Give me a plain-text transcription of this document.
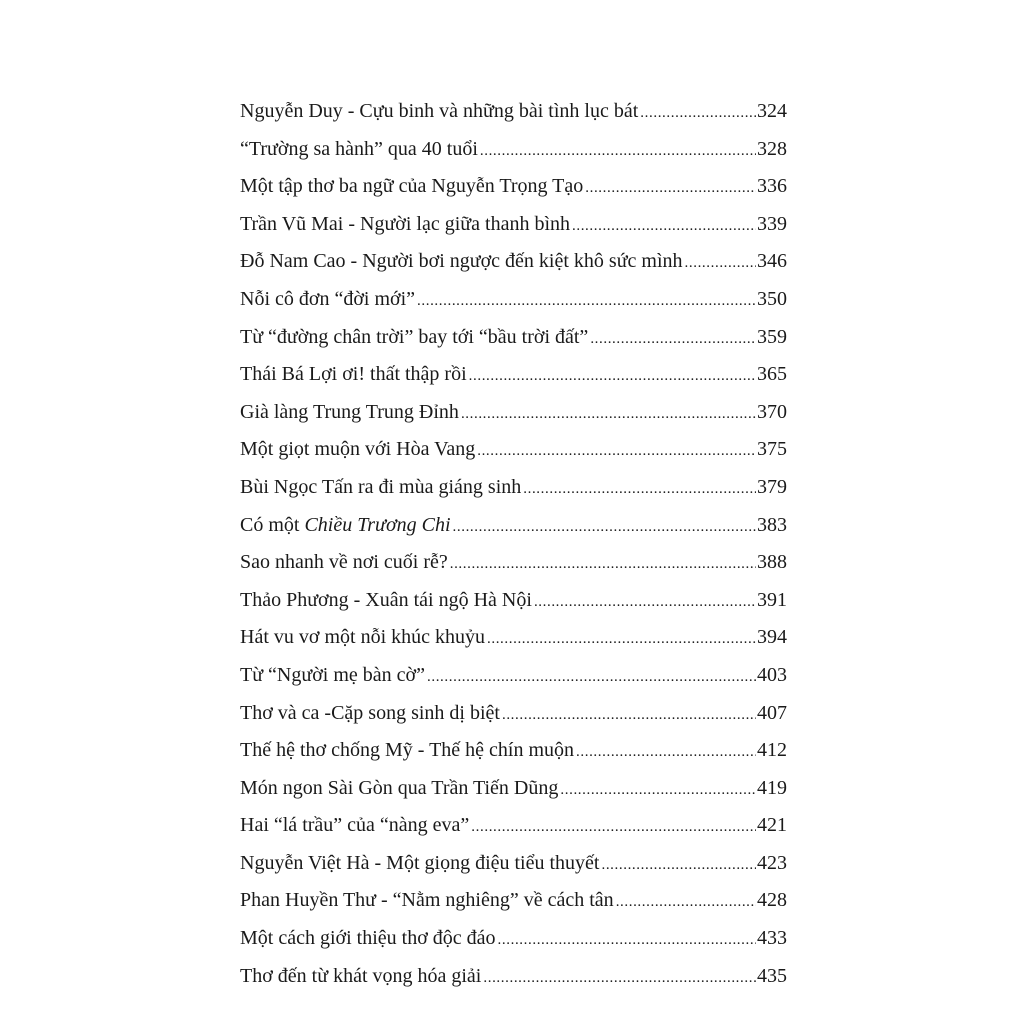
Nguyễn Duy - Cựu binh và những bài tình lục bát .....	324
“Trường sa hành” qua 40 tuổi .....	328
Một tập thơ ba ngữ của Nguyễn Trọng Tạo .....	336
Trần Vũ Mai - Người lạc giữa thanh bình .....	339
Đỗ Nam Cao - Người bơi ngược đến kiệt khô sức mình .....	346
Nỗi cô đơn “đời mới” .....	350
Từ “đường chân trời” bay tới “bầu trời đất” .....	359
Thái Bá Lợi ơi! thất thập rồi .....	365
Già làng Trung Trung Đỉnh .....	370
Một giọt muộn với Hòa Vang .....	375
Bùi Ngọc Tấn ra đi mùa giáng sinh .....	379
Có một Chiều Trương Chi .....	383
Sao nhanh về nơi cuối rễ? .....	388
Thảo Phương - Xuân tái ngộ Hà Nội .....	391
Hát vu vơ một nỗi khúc khuỷu .....	394
Từ “Người mẹ bàn cờ” .....	403
Thơ và ca -Cặp song sinh dị biệt .....	407
Thế hệ thơ chống Mỹ - Thế hệ chín muộn .....	412
Món ngon Sài Gòn qua Trần Tiến Dũng .....	419
Hai “lá trầu” của “nàng eva” .....	421
Nguyễn Việt Hà - Một giọng điệu tiểu thuyết .....	423
Phan Huyền Thư - “Nằm nghiêng” về cách tân .....	428
Một cách giới thiệu thơ độc đáo .....	433
Thơ đến từ khát vọng hóa giải .....	435
